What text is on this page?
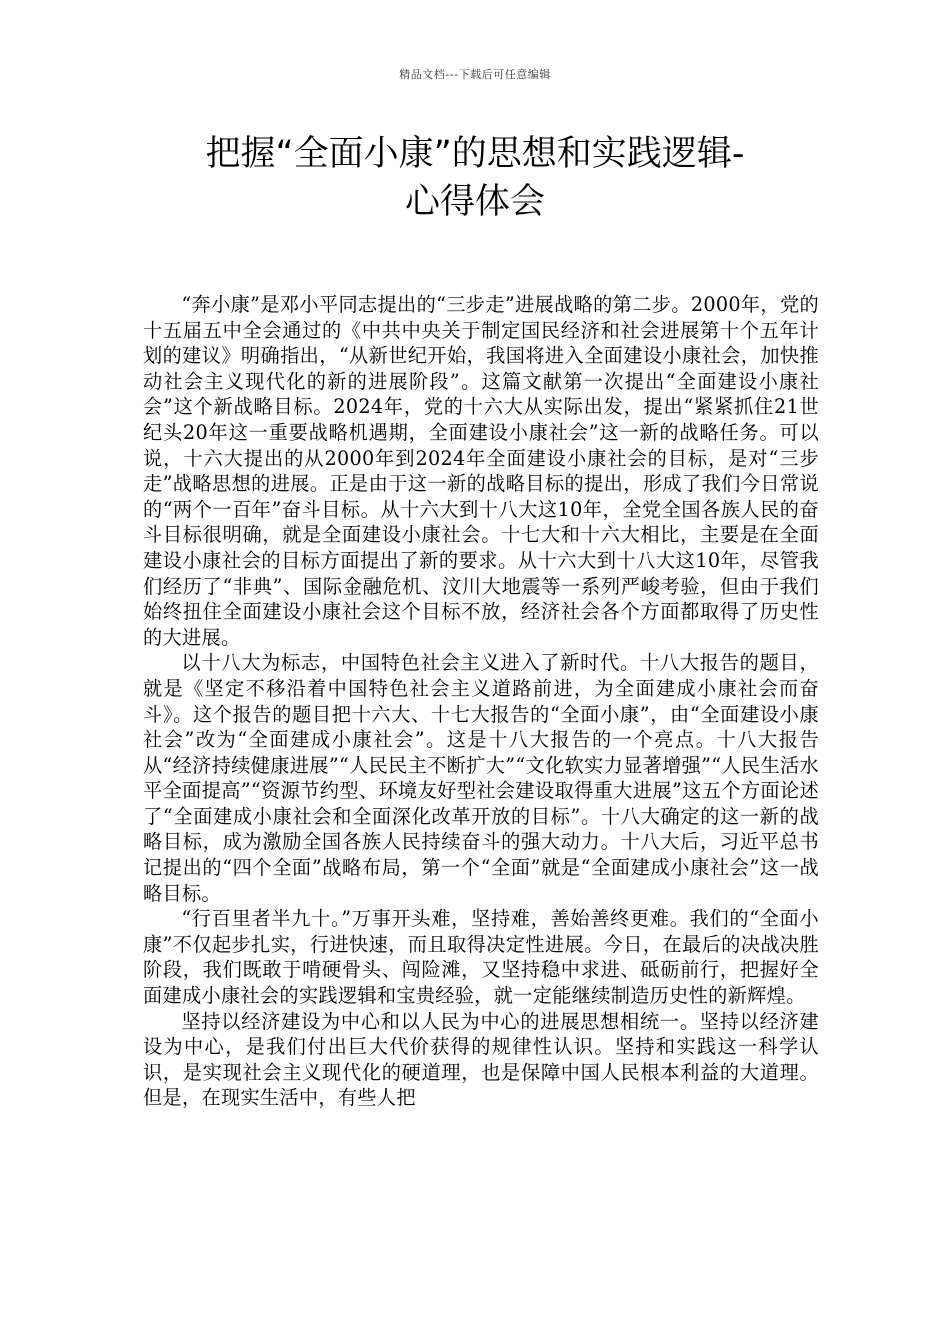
精品文档---下载后可任意编辑
把握“全面小康”的思想和实践逻辑-
心得体会

“奔小康”是邓小平同志提出的“三步走”进展战略的第二步。2000年，党的十五届五中全会通过的《中共中央关于制定国民经济和社会进展第十个五年计划的建议》明确指出，“从新世纪开始，我国将进入全面建设小康社会，加快推动社会主义现代化的新的进展阶段”。这篇文献第一次提出“全面建设小康社会”这个新战略目标。2024年，党的十六大从实际出发，提出“紧紧抓住21世纪头20年这一重要战略机遇期，全面建设小康社会”这一新的战略任务。可以说，十六大提出的从2000年到2024年全面建设小康社会的目标，是对“三步走”战略思想的进展。正是由于这一新的战略目标的提出，形成了我们今日常说的“两个一百年”奋斗目标。从十六大到十八大这10年，全党全国各族人民的奋斗目标很明确，就是全面建设小康社会。十七大和十六大相比，主要是在全面建设小康社会的目标方面提出了新的要求。从十六大到十八大这10年，尽管我们经历了“非典”、国际金融危机、汶川大地震等一系列严峻考验，但由于我们始终扭住全面建设小康社会这个目标不放，经济社会各个方面都取得了历史性的大进展。

以十八大为标志，中国特色社会主义进入了新时代。十八大报告的题目，就是《坚定不移沿着中国特色社会主义道路前进，为全面建成小康社会而奋斗》。这个报告的题目把十六大、十七大报告的“全面小康”，由“全面建设小康社会”改为“全面建成小康社会”。这是十八大报告的一个亮点。十八大报告从“经济持续健康进展”“人民民主不断扩大”“文化软实力显著增强”“人民生活水平全面提高”“资源节约型、环境友好型社会建设取得重大进展”这五个方面论述了“全面建成小康社会和全面深化改革开放的目标”。十八大确定的这一新的战略目标，成为激励全国各族人民持续奋斗的强大动力。十八大后，习近平总书记提出的“四个全面”战略布局，第一个“全面”就是“全面建成小康社会”这一战略目标。

“行百里者半九十。”万事开头难，坚持难，善始善终更难。我们的“全面小康”不仅起步扎实，行进快速，而且取得决定性进展。今日，在最后的决战决胜阶段，我们既敢于啃硬骨头、闯险滩，又坚持稳中求进、砥砺前行，把握好全面建成小康社会的实践逻辑和宝贵经验，就一定能继续制造历史性的新辉煌。

坚持以经济建设为中心和以人民为中心的进展思想相统一。坚持以经济建设为中心，是我们付出巨大代价获得的规律性认识。坚持和实践这一科学认识，是实现社会主义现代化的硬道理，也是保障中国人民根本利益的大道理。但是，在现实生活中，有些人把
